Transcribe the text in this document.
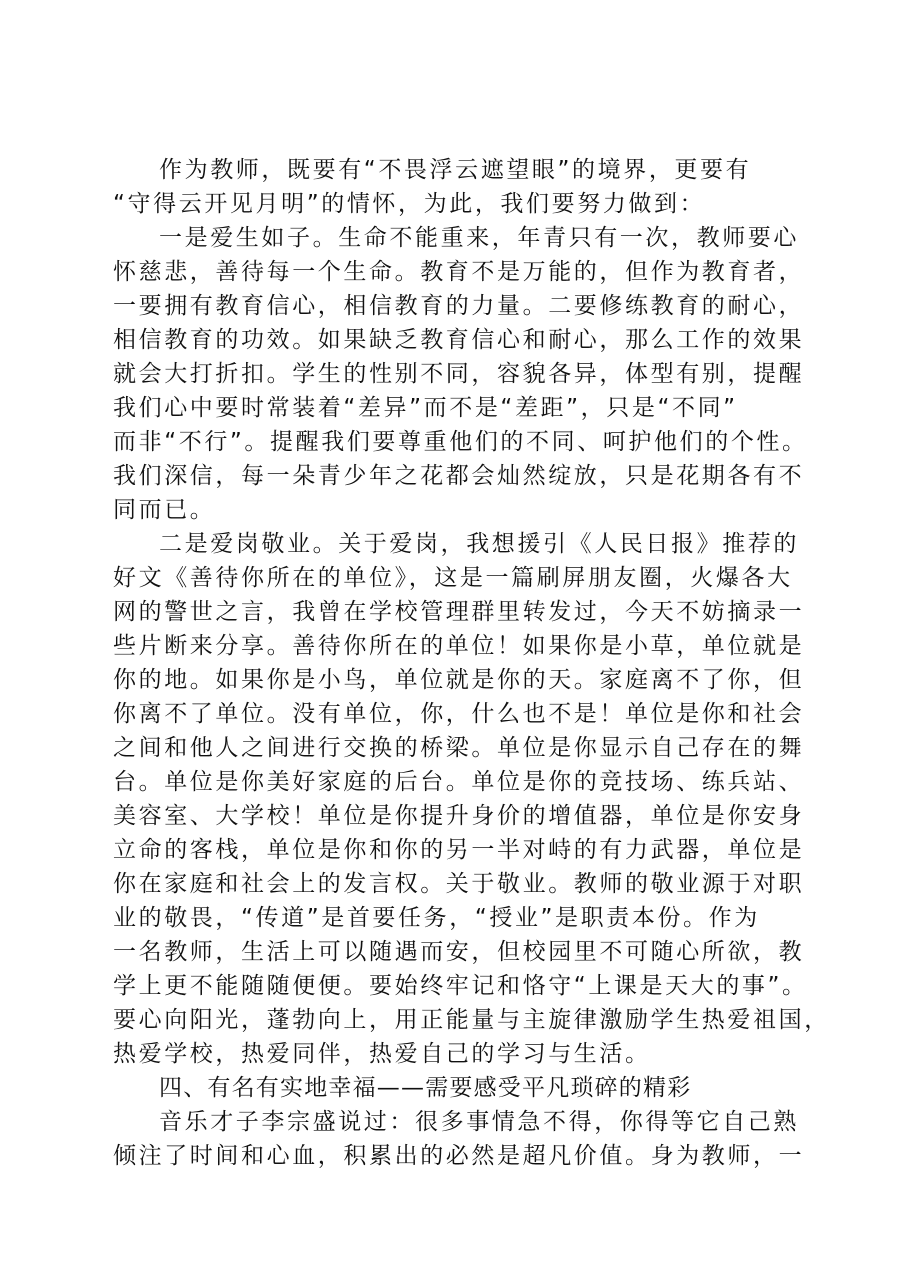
作为教师，既要有“不畏浮云遮望眼”的境界，更要有
“守得云开见月明”的情怀，为此，我们要努力做到：
一是爱生如子。生命不能重来，年青只有一次，教师要心
怀慈悲，善待每一个生命。教育不是万能的，但作为教育者，
一要拥有教育信心，相信教育的力量。二要修练教育的耐心，
相信教育的功效。如果缺乏教育信心和耐心，那么工作的效果
就会大打折扣。学生的性别不同，容貌各异，体型有别，提醒
我们心中要时常装着“差异”而不是“差距”，只是“不同”
而非“不行”。提醒我们要尊重他们的不同、呵护他们的个性。
我们深信，每一朵青少年之花都会灿然绽放，只是花期各有不
同而已。
二是爱岗敬业。关于爱岗，我想援引《人民日报》推荐的
好文《善待你所在的单位》，这是一篇刷屏朋友圈，火爆各大
网的警世之言，我曾在学校管理群里转发过，今天不妨摘录一
些片断来分享。善待你所在的单位！如果你是小草，单位就是
你的地。如果你是小鸟，单位就是你的天。家庭离不了你，但
你离不了单位。没有单位，你，什么也不是！单位是你和社会
之间和他人之间进行交换的桥梁。单位是你显示自己存在的舞
台。单位是你美好家庭的后台。单位是你的竞技场、练兵站、
美容室、大学校！单位是你提升身价的增值器，单位是你安身
立命的客栈，单位是你和你的另一半对峙的有力武器，单位是
你在家庭和社会上的发言权。关于敬业。教师的敬业源于对职
业的敬畏，“传道”是首要任务，“授业”是职责本份。作为
一名教师，生活上可以随遇而安，但校园里不可随心所欲，教
学上更不能随随便便。要始终牢记和恪守“上课是天大的事”。
要心向阳光，蓬勃向上，用正能量与主旋律激励学生热爱祖国，
热爱学校，热爱同伴，热爱自己的学习与生活。
四、有名有实地幸福——需要感受平凡琐碎的精彩
音乐才子李宗盛说过：很多事情急不得，你得等它自己熟
倾注了时间和心血，积累出的必然是超凡价值。身为教师，一
